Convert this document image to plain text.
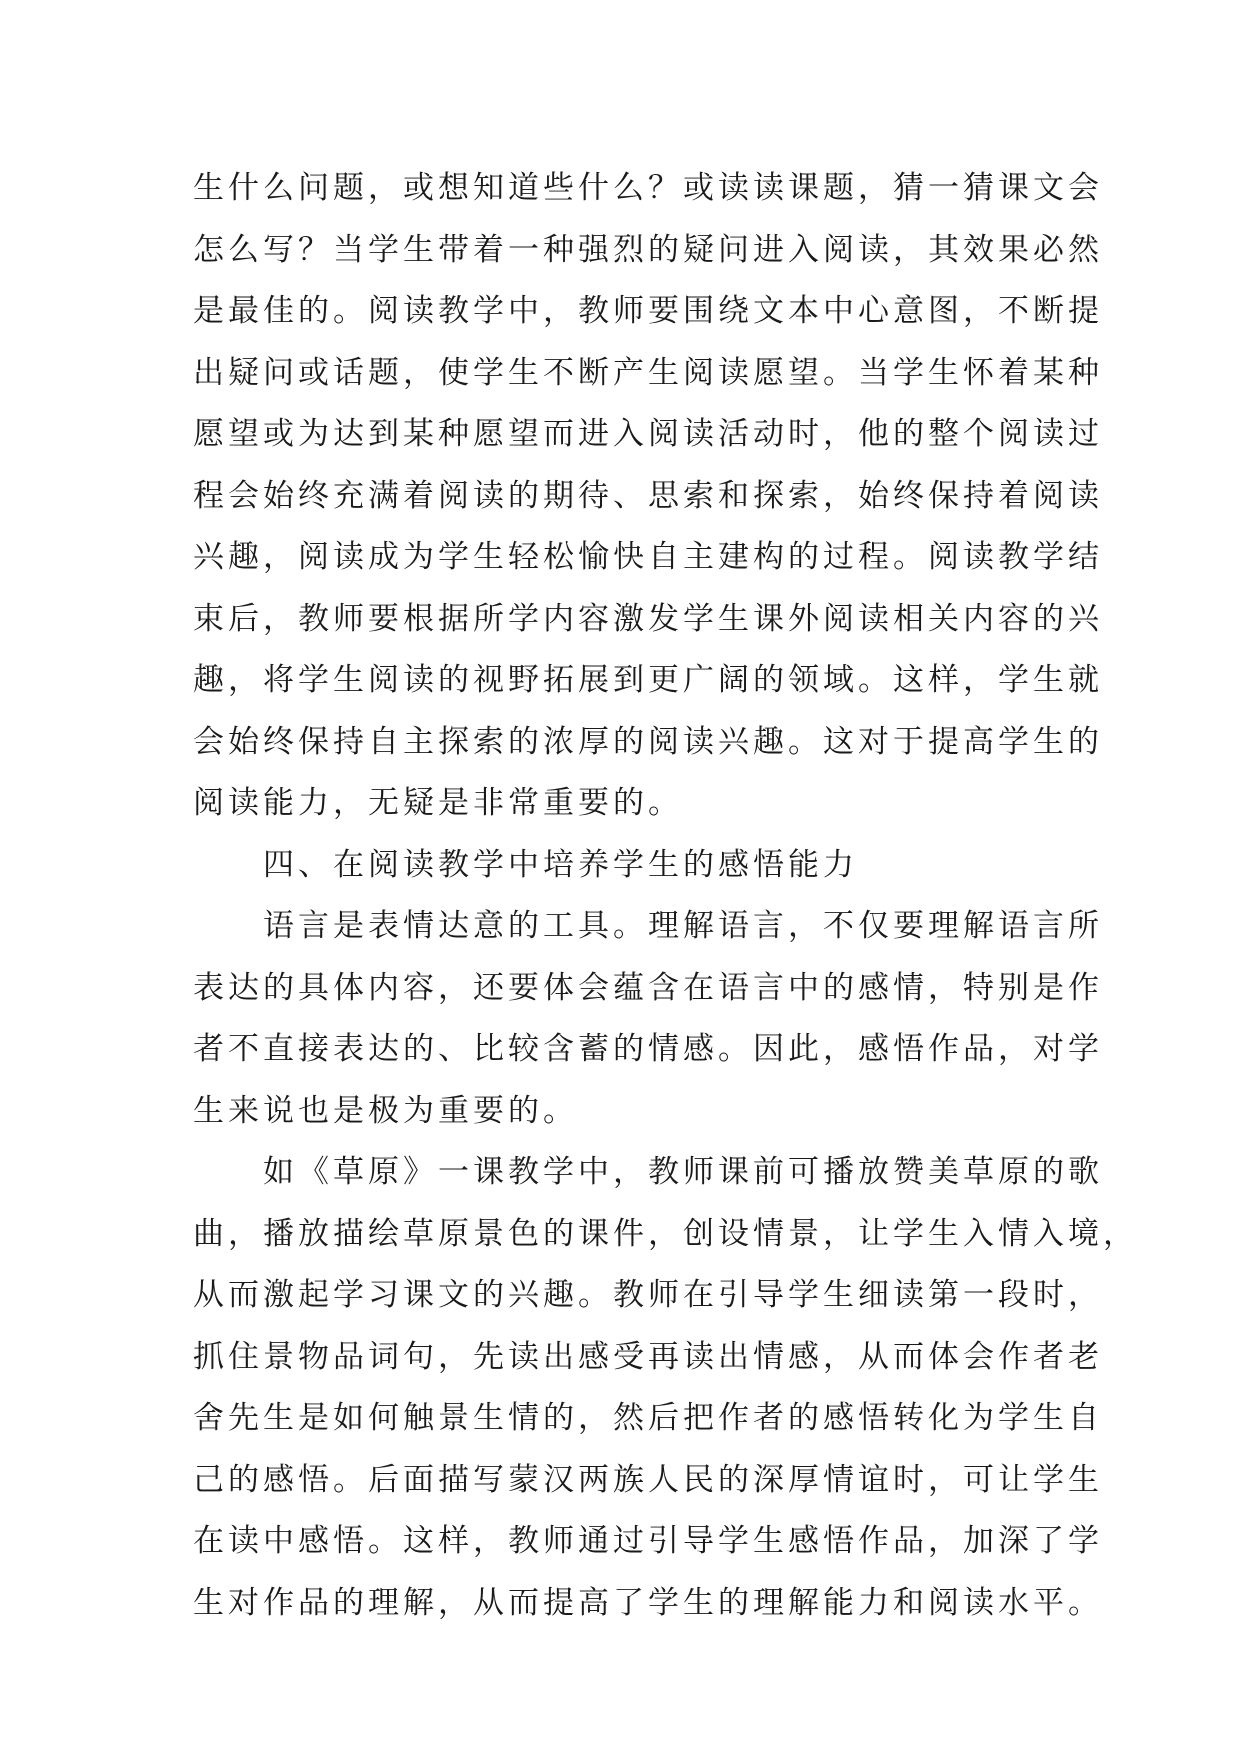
生什么问题，或想知道些什么？或读读课题，猜一猜课文会
怎么写？当学生带着一种强烈的疑问进入阅读，其效果必然
是最佳的。阅读教学中，教师要围绕文本中心意图，不断提
出疑问或话题，使学生不断产生阅读愿望。当学生怀着某种
愿望或为达到某种愿望而进入阅读活动时，他的整个阅读过
程会始终充满着阅读的期待、思索和探索，始终保持着阅读
兴趣，阅读成为学生轻松愉快自主建构的过程。阅读教学结
束后，教师要根据所学内容激发学生课外阅读相关内容的兴
趣，将学生阅读的视野拓展到更广阔的领域。这样，学生就
会始终保持自主探索的浓厚的阅读兴趣。这对于提高学生的
阅读能力，无疑是非常重要的。
四、在阅读教学中培养学生的感悟能力
语言是表情达意的工具。理解语言，不仅要理解语言所
表达的具体内容，还要体会蕴含在语言中的感情，特别是作
者不直接表达的、比较含蓄的情感。因此，感悟作品，对学
生来说也是极为重要的。
如《草原》一课教学中，教师课前可播放赞美草原的歌
曲，播放描绘草原景色的课件，创设情景，让学生入情入境，
从而激起学习课文的兴趣。教师在引导学生细读第一段时，
抓住景物品词句，先读出感受再读出情感，从而体会作者老
舍先生是如何触景生情的，然后把作者的感悟转化为学生自
己的感悟。后面描写蒙汉两族人民的深厚情谊时，可让学生
在读中感悟。这样，教师通过引导学生感悟作品，加深了学
生对作品的理解，从而提高了学生的理解能力和阅读水平。
